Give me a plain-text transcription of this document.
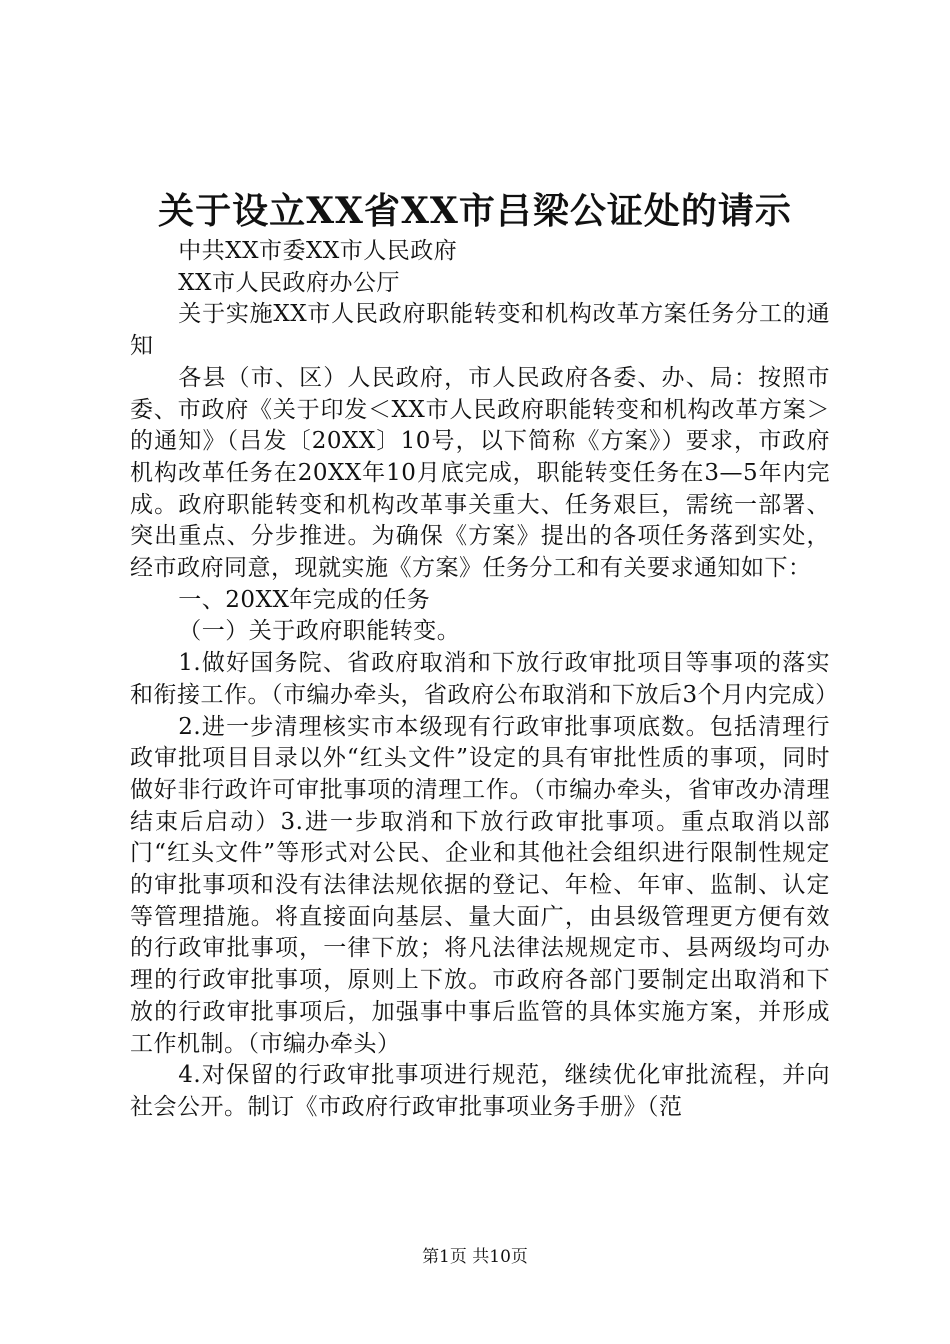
关于设立XX省XX市吕梁公证处的请示

中共XX市委XX市人民政府

XX市人民政府办公厅

关于实施XX市人民政府职能转变和机构改革方案任务分工的通知

各县（市、区）人民政府，市人民政府各委、办、局：按照市委、市政府《关于印发＜XX市人民政府职能转变和机构改革方案＞的通知》（吕发〔20XX〕10号，以下简称《方案》）要求，市政府机构改革任务在20XX年10月底完成，职能转变任务在3—5年内完成。政府职能转变和机构改革事关重大、任务艰巨，需统一部署、突出重点、分步推进。为确保《方案》提出的各项任务落到实处，经市政府同意，现就实施《方案》任务分工和有关要求通知如下：

一、20XX年完成的任务

（一）关于政府职能转变。

1.做好国务院、省政府取消和下放行政审批项目等事项的落实和衔接工作。（市编办牵头，省政府公布取消和下放后3个月内完成）

2.进一步清理核实市本级现有行政审批事项底数。包括清理行政审批项目目录以外“红头文件”设定的具有审批性质的事项，同时做好非行政许可审批事项的清理工作。（市编办牵头，省审改办清理结束后启动）3.进一步取消和下放行政审批事项。重点取消以部门“红头文件”等形式对公民、企业和其他社会组织进行限制性规定的审批事项和没有法律法规依据的登记、年检、年审、监制、认定等管理措施。将直接面向基层、量大面广，由县级管理更方便有效的行政审批事项，一律下放；将凡法律法规规定市、县两级均可办理的行政审批事项，原则上下放。市政府各部门要制定出取消和下放的行政审批事项后，加强事中事后监管的具体实施方案，并形成工作机制。（市编办牵头）

4.对保留的行政审批事项进行规范，继续优化审批流程，并向社会公开。制订《市政府行政审批事项业务手册》（范

第1页 共10页
